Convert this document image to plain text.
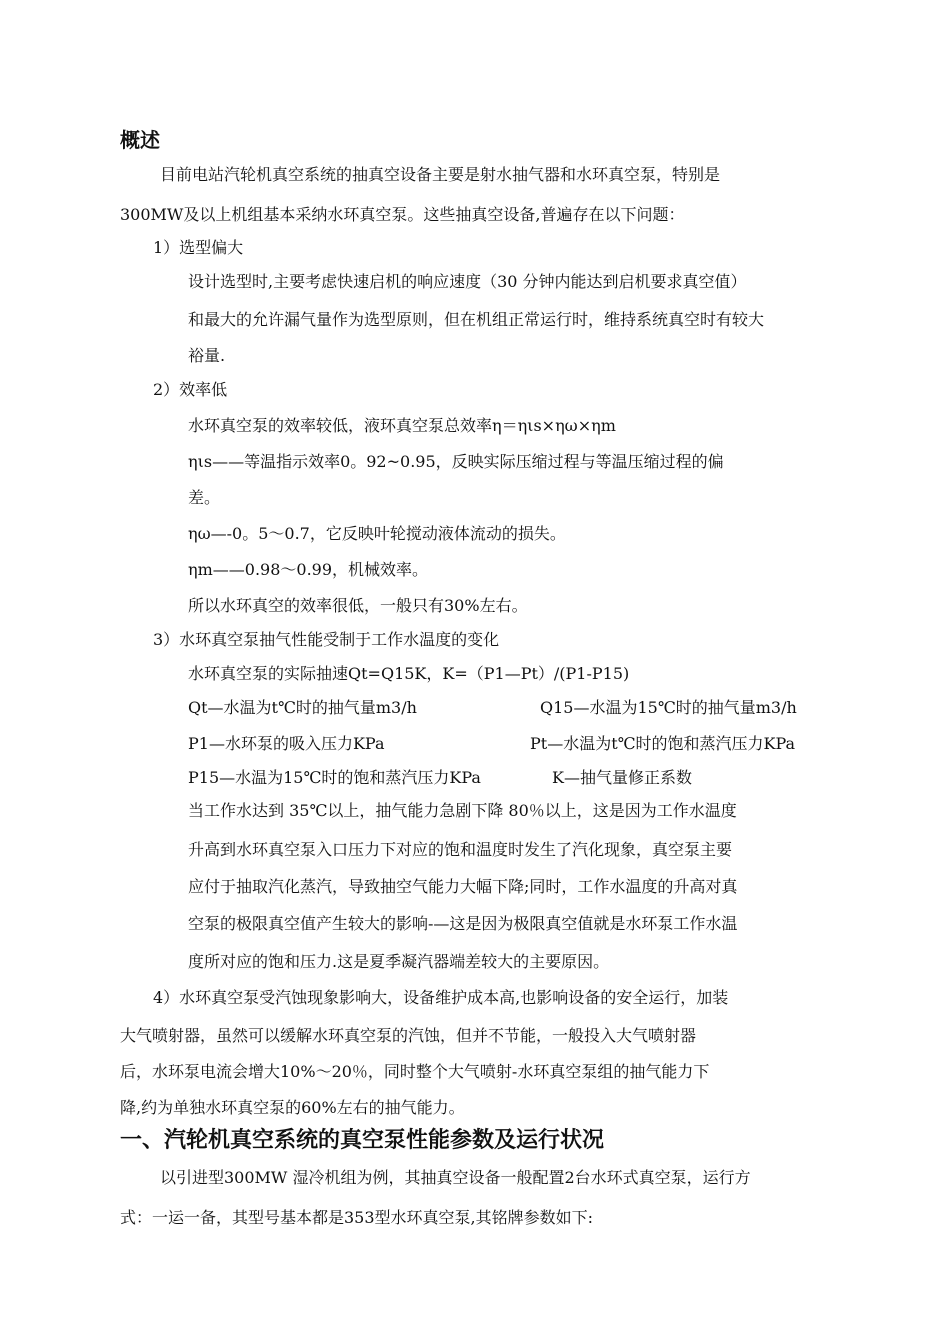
概述
目前电站汽轮机真空系统的抽真空设备主要是射水抽气器和水环真空泵，特别是
300MW及以上机组基本采纳水环真空泵。这些抽真空设备,普遍存在以下问题：
1）选型偏大
设计选型时,主要考虑快速启机的响应速度（30 分钟内能达到启机要求真空值）
和最大的允许漏气量作为选型原则，但在机组正常运行时，维持系统真空时有较大
裕量.
2）效率低
水环真空泵的效率较低，液环真空泵总效率η＝ηιs×ηω×ηm
ηιs——等温指示效率0。92~0.95，反映实际压缩过程与等温压缩过程的偏
差。
ηω—-0。5～0.7，它反映叶轮搅动液体流动的损失。
ηm——0.98～0.99，机械效率。
所以水环真空的效率很低，一般只有30%左右。
3）水环真空泵抽气性能受制于工作水温度的变化
水环真空泵的实际抽速Qt=Q15K，K=（P1—Pt）/(P1-P15)
Qt—水温为t℃时的抽气量m3/h	Q15—水温为15℃时的抽气量m3/h
P1—水环泵的吸入压力KPa	Pt—水温为t℃时的饱和蒸汽压力KPa
P15—水温为15℃时的饱和蒸汽压力KPa	K—抽气量修正系数
当工作水达到 35℃以上，抽气能力急剧下降 80％以上，这是因为工作水温度
升高到水环真空泵入口压力下对应的饱和温度时发生了汽化现象，真空泵主要
应付于抽取汽化蒸汽，导致抽空气能力大幅下降;同时，工作水温度的升高对真
空泵的极限真空值产生较大的影响-—这是因为极限真空值就是水环泵工作水温
度所对应的饱和压力.这是夏季凝汽器端差较大的主要原因。
4）水环真空泵受汽蚀现象影响大，设备维护成本高,也影响设备的安全运行，加装
大气喷射器，虽然可以缓解水环真空泵的汽蚀，但并不节能，一般投入大气喷射器
后，水环泵电流会增大10%～20％，同时整个大气喷射-水环真空泵组的抽气能力下
降,约为单独水环真空泵的60%左右的抽气能力。
一、汽轮机真空系统的真空泵性能参数及运行状况
以引进型300MW 湿冷机组为例，其抽真空设备一般配置2台水环式真空泵，运行方
式：一运一备，其型号基本都是353型水环真空泵,其铭牌参数如下:
